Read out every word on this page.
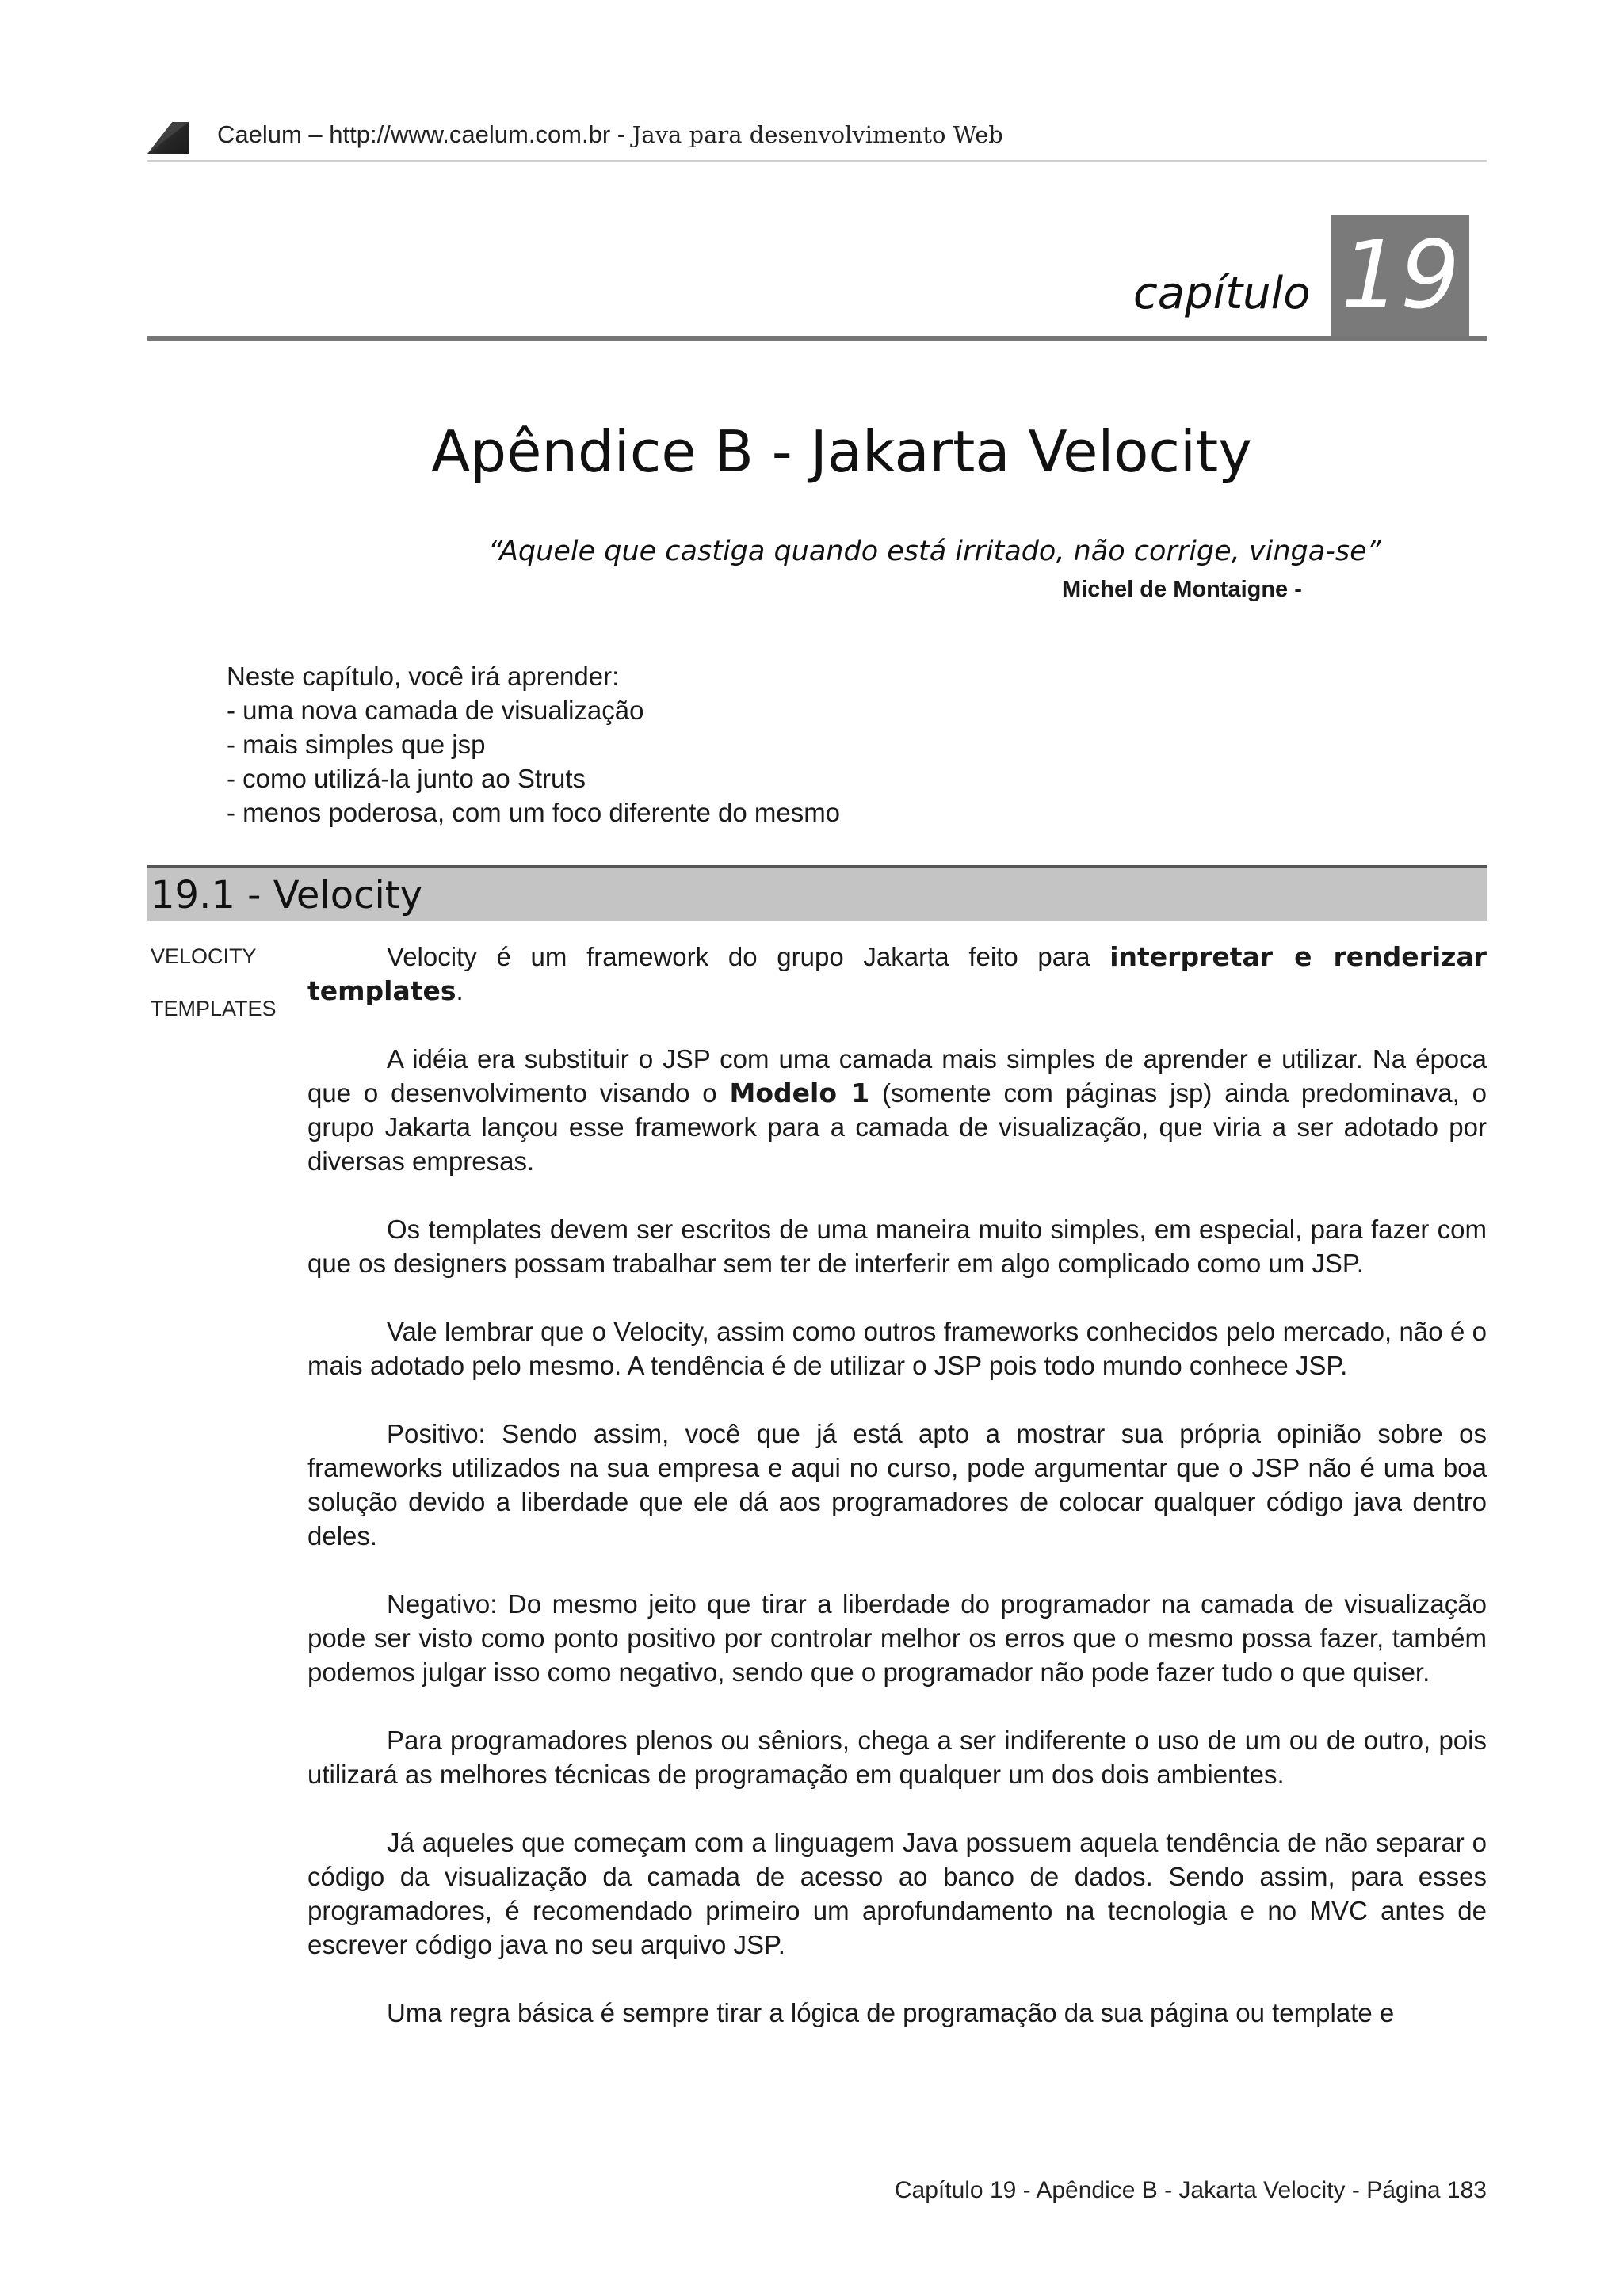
Caelum – http://www.caelum.com.br - Java para desenvolvimento Web
capítulo 19
Apêndice B - Jakarta Velocity
“Aquele que castiga quando está irritado, não corrige, vinga-se”
Michel de Montaigne -
Neste capítulo, você irá aprender:
- uma nova camada de visualização
- mais simples que jsp
- como utilizá-la junto ao Struts
- menos poderosa, com um foco diferente do mesmo
19.1 - Velocity
VELOCITY
TEMPLATES

Velocity é um framework do grupo Jakarta feito para interpretar e renderizar templates.

A idéia era substituir o JSP com uma camada mais simples de aprender e utilizar. Na época que o desenvolvimento visando o Modelo 1 (somente com páginas jsp) ainda predominava, o grupo Jakarta lançou esse framework para a camada de visualização, que viria a ser adotado por diversas empresas.

Os templates devem ser escritos de uma maneira muito simples, em especial, para fazer com que os designers possam trabalhar sem ter de interferir em algo complicado como um JSP.

Vale lembrar que o Velocity, assim como outros frameworks conhecidos pelo mercado, não é o mais adotado pelo mesmo. A tendência é de utilizar o JSP pois todo mundo conhece JSP.

Positivo: Sendo assim, você que já está apto a mostrar sua própria opinião sobre os frameworks utilizados na sua empresa e aqui no curso, pode argumentar que o JSP não é uma boa solução devido a liberdade que ele dá aos programadores de colocar qualquer código java dentro deles.

Negativo: Do mesmo jeito que tirar a liberdade do programador na camada de visualização pode ser visto como ponto positivo por controlar melhor os erros que o mesmo possa fazer, também podemos julgar isso como negativo, sendo que o programador não pode fazer tudo o que quiser.

Para programadores plenos ou sêniors, chega a ser indiferente o uso de um ou de outro, pois utilizará as melhores técnicas de programação em qualquer um dos dois ambientes.

Já aqueles que começam com a linguagem Java possuem aquela tendência de não separar o código da visualização da camada de acesso ao banco de dados. Sendo assim, para esses programadores, é recomendado primeiro um aprofundamento na tecnologia e no MVC antes de escrever código java no seu arquivo JSP.

Uma regra básica é sempre tirar a lógica de programação da sua página ou template e

Capítulo 19 - Apêndice B - Jakarta Velocity - Página 183
